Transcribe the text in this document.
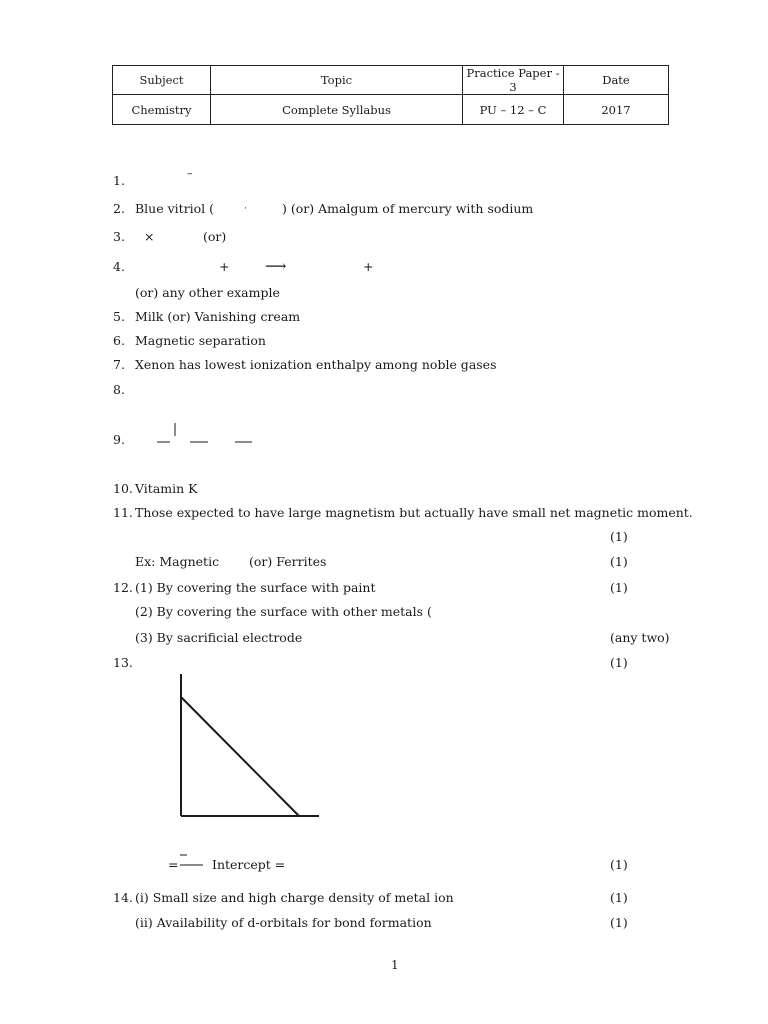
Subject	Topic	Practice Paper - 3	Date
Chemistry	Complete Syllabus	PU – 12 – C	2017
1.	–
2. Blue vitriol (	·	) (or) Amalgum of mercury with sodium
3. ×	(or)
4.	+ ⟶	+
(or) any other example
5. Milk (or) Vanishing cream
6. Magnetic separation
7. Xenon has lowest ionization enthalpy among noble gases
8.
9.
10. Vitamin K
11. Those expected to have large magnetism but actually have small net magnetic moment.
(1)
Ex: Magnetic (or) Ferrites	(1)
12. (1) By covering the surface with paint	(1)
(2) By covering the surface with other metals (
(3) By sacrificial electrode	(any two)
13.	(1)
=	Intercept =	(1)
14. (i) Small size and high charge density of metal ion	(1)
(ii) Availability of d-orbitals for bond formation	(1)
1
